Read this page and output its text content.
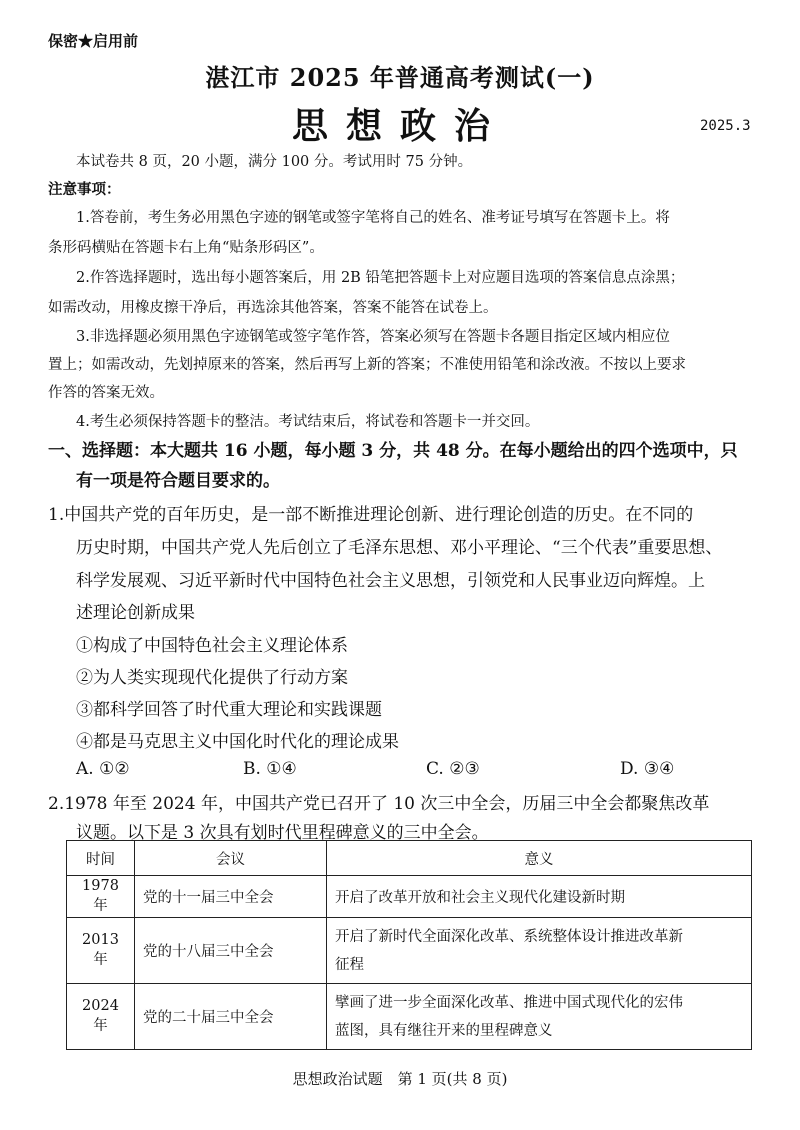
保密★启用前
湛江市 2025 年普通高考测试(一)
思想政治	2025.3
本试卷共 8 页，20 小题，满分 100 分。考试用时 75 分钟。
注意事项：
1.答卷前，考生务必用黑色字迹的钢笔或签字笔将自己的姓名、准考证号填写在答题卡上。将
条形码横贴在答题卡右上角“贴条形码区”。
2.作答选择题时，选出每小题答案后，用 2B 铅笔把答题卡上对应题目选项的答案信息点涂黑；
如需改动，用橡皮擦干净后，再选涂其他答案，答案不能答在试卷上。
3.非选择题必须用黑色字迹钢笔或签字笔作答，答案必须写在答题卡各题目指定区域内相应位
置上；如需改动，先划掉原来的答案，然后再写上新的答案；不准使用铅笔和涂改液。不按以上要求
作答的答案无效。
4.考生必须保持答题卡的整洁。考试结束后，将试卷和答题卡一并交回。
一、选择题：本大题共 16 小题，每小题 3 分，共 48 分。在每小题给出的四个选项中，只
有一项是符合题目要求的。
1.中国共产党的百年历史，是一部不断推进理论创新、进行理论创造的历史。在不同的
历史时期，中国共产党人先后创立了毛泽东思想、邓小平理论、“三个代表”重要思想、
科学发展观、习近平新时代中国特色社会主义思想，引领党和人民事业迈向辉煌。上
述理论创新成果
①构成了中国特色社会主义理论体系
②为人类实现现代化提供了行动方案
③都科学回答了时代重大理论和实践课题
④都是马克思主义中国化时代化的理论成果
A. ①②	B. ①④	C. ②③	D. ③④
2.1978 年至 2024 年，中国共产党已召开了 10 次三中全会，历届三中全会都聚焦改革
议题。以下是 3 次具有划时代里程碑意义的三中全会。
时间	会议	意义
1978 年	党的十一届三中全会	开启了改革开放和社会主义现代化建设新时期
2013 年	党的十八届三中全会	开启了新时代全面深化改革、系统整体设计推进改革新
征程

2024 年	党的二十届三中全会	擘画了进一步全面深化改革、推进中国式现代化的宏伟
蓝图，具有继往开来的里程碑意义
思想政治试题　第 1 页(共 8 页)
